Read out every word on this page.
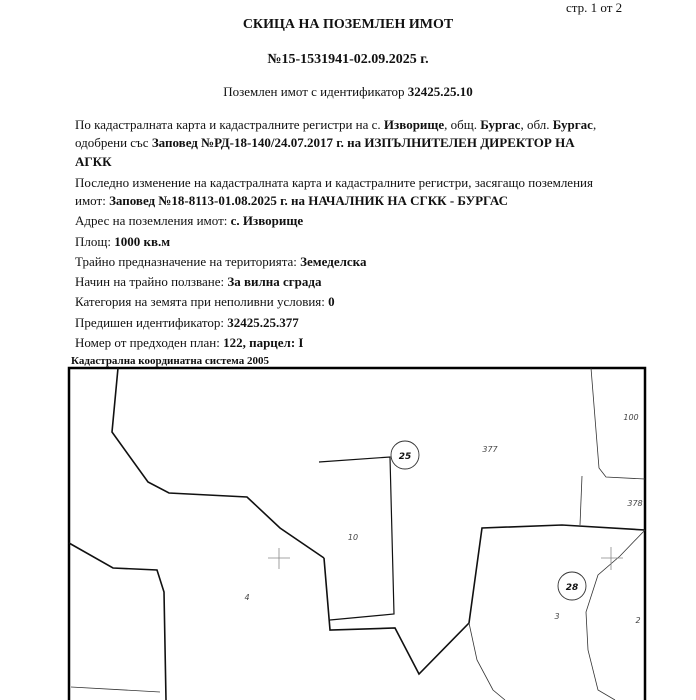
стр. 1 от 2
СКИЦА НА ПОЗЕМЛЕН ИМОТ
№15-1531941-02.09.2025 г.
Поземлен имот с идентификатор 32425.25.10
По кадастралната карта и кадастралните регистри на с. Изворище, общ. Бургас, обл. Бургас,
одобрени със Заповед №РД-18-140/24.07.2017 г. на ИЗПЪЛНИТЕЛЕН ДИРЕКТОР НА
АГКК
Последно изменение на кадастралната карта и кадастралните регистри, засягащо поземления
имот: Заповед №18-8113-01.08.2025 г. на НАЧАЛНИК НА СГКК - БУРГАС
Адрес на поземления имот: с. Изворище
Площ: 1000 кв.м
Трайно предназначение на територията: Земеделска
Начин на трайно ползване: За вилна сграда
Категория на земята при неполивни условия: 0
Предишен идентификатор: 32425.25.377
Номер от предходен план: 122, парцел: I
Кадастрална координатна система 2005
25
28
100
377
378
10
4
3	2
